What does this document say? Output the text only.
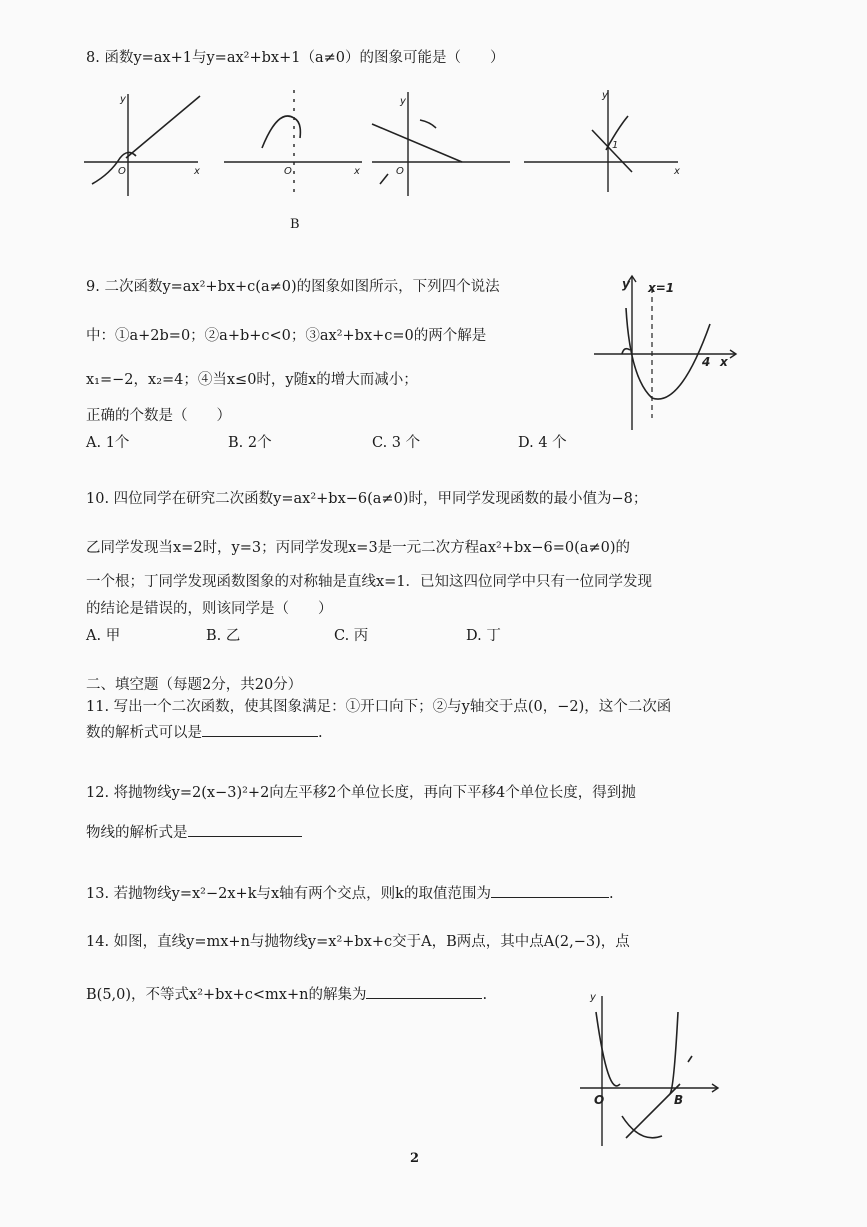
8. 函数y=ax+1与y=ax²+bx+1（a≠0）的图象可能是（　　）
y
x
O	O	x
B
y
O
y
x
1
9. 二次函数y=ax²+bx+c(a≠0)的图象如图所示，下列四个说法
中：①a+2b=0；②a+b+c<0；③ax²+bx+c=0的两个解是
x₁=−2，x₂=4；④当x≤0时，y随x的增大而减小；
正确的个数是（　　）
A. 1个	B. 2个	C. 3 个	D. 4 个
y x=1
4 x
10. 四位同学在研究二次函数y=ax²+bx−6(a≠0)时，甲同学发现函数的最小值为−8；
乙同学发现当x=2时，y=3；丙同学发现x=3是一元二次方程ax²+bx−6=0(a≠0)的
一个根；丁同学发现函数图象的对称轴是直线x=1．已知这四位同学中只有一位同学发现
的结论是错误的，则该同学是（　　）
A. 甲	B. 乙	C. 丙	D. 丁
二、填空题（每题2分，共20分）
11. 写出一个二次函数，使其图象满足：①开口向下；②与y轴交于点(0，−2)，这个二次函
数的解析式可以是	.
12. 将抛物线y=2(x−3)²+2向左平移2个单位长度，再向下平移4个单位长度，得到抛
物线的解析式是
13. 若抛物线y=x²−2x+k与x轴有两个交点，则k的取值范围为	.
14. 如图，直线y=mx+n与抛物线y=x²+bx+c交于A，B两点，其中点A(2,−3)，点
B(5,0)，不等式x²+bx+c<mx+n的解集为	.	y
O	B
2
